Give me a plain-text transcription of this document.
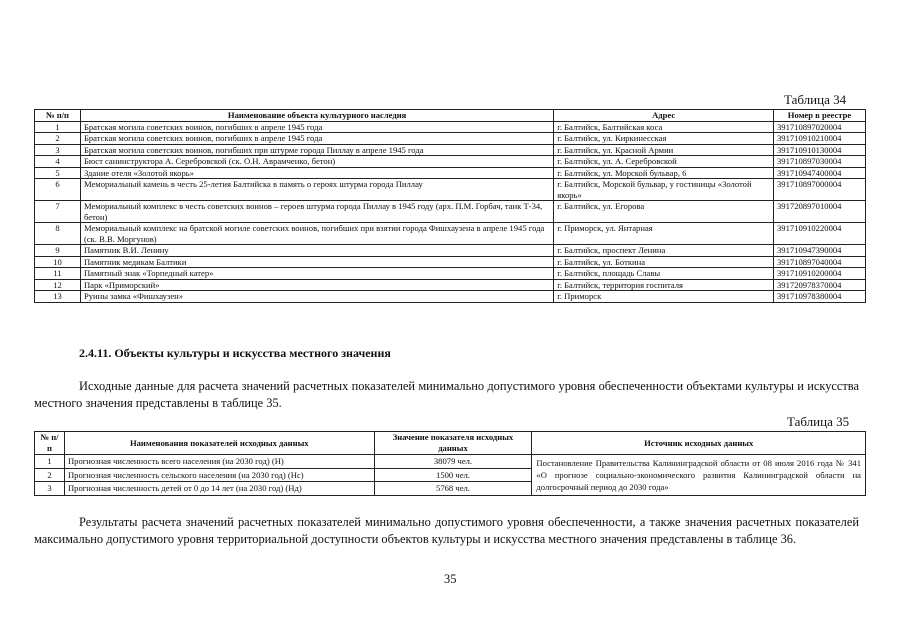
Таблица 34
№ п/п	Наименование объекта культурного наследия	Адрес	Номер в реестре
1	Братская могила советских воинов, погибших в апреле 1945 года	г. Балтийск, Балтийская коса	391710897020004
2	Братская могила советских воинов, погибших в апреле 1945 года	г. Балтийск, ул. Киркинесская	391710910210004
3	Братская могила советских воинов, погибших при штурме города Пиллау в апреле 1945 года	г. Балтийск, ул. Красной Армии	391710910130004
4	Бюст санинструктора А. Серебровской (ск. О.Н. Аврамченко, бетон)	г. Балтийск, ул. А. Серебровской	391710897030004
5	Здание отеля «Золотой якорь»	г. Балтийск, ул. Морской бульвар, 6	391710947400004
6	Мемориальный камень в честь 25-летия Балтийска в память о героях штурма города Пиллау	г. Балтийск, Морской бульвар, у гостиницы «Золотой якорь»	391710897000004
7	Мемориальный комплекс в честь советских воинов – героев штурма города Пиллау в 1945 году (арх. П.М. Горбач, танк Т-34, бетон)	г. Балтийск, ул. Егорова	391720897010004
8	Мемориальный комплекс на братской могиле советских воинов, погибших при взятии города Фишхаузена в апреле 1945 года (ск. В.В. Моргунов)	г. Приморск, ул. Янтарная	391710910220004
9	Памятник В.И. Ленину	г. Балтийск, проспект Ленина	391710947390004
10	Памятник медикам Балтики	г. Балтийск, ул. Боткина	391710897040004
11	Памятный знак «Торпедный катер»	г. Балтийск, площадь Славы	391710910200004
12	Парк «Приморский»	г. Балтийск, территория госпиталя	391720978370004
13	Руины замка «Фишхаузен»	г. Приморск	391710978380004
2.4.11. Объекты культуры и искусства местного значения
Исходные данные для расчета значений расчетных показателей минимально допустимого уровня обеспеченности объектами культуры и искусства местного значения представлены в таблице 35.
Таблица 35
№ п/п	Наименования показателей исходных данных	Значение показателя исходных данных	Источник исходных данных
1	Прогнозная численность всего населения (на 2030 год) (Н)	38079 чел.	Постановление Правительства Калининградской области от 08 июля 2016 года № 341 «О прогнозе социально-экономического развития Калининградской области на долгосрочный период до 2030 года»
2	Прогнозная численность сельского населения (на 2030 год) (Нс)	1500 чел.	
3	Прогнозная численность детей от 0 до 14 лет (на 2030 год) (Нд)	5768 чел.	
Результаты расчета значений расчетных показателей минимально допустимого уровня обеспеченности, а также значения расчетных показателей максимально допустимого уровня территориальной доступности объектов культуры и искусства местного значения представлены в таблице 36.
35
